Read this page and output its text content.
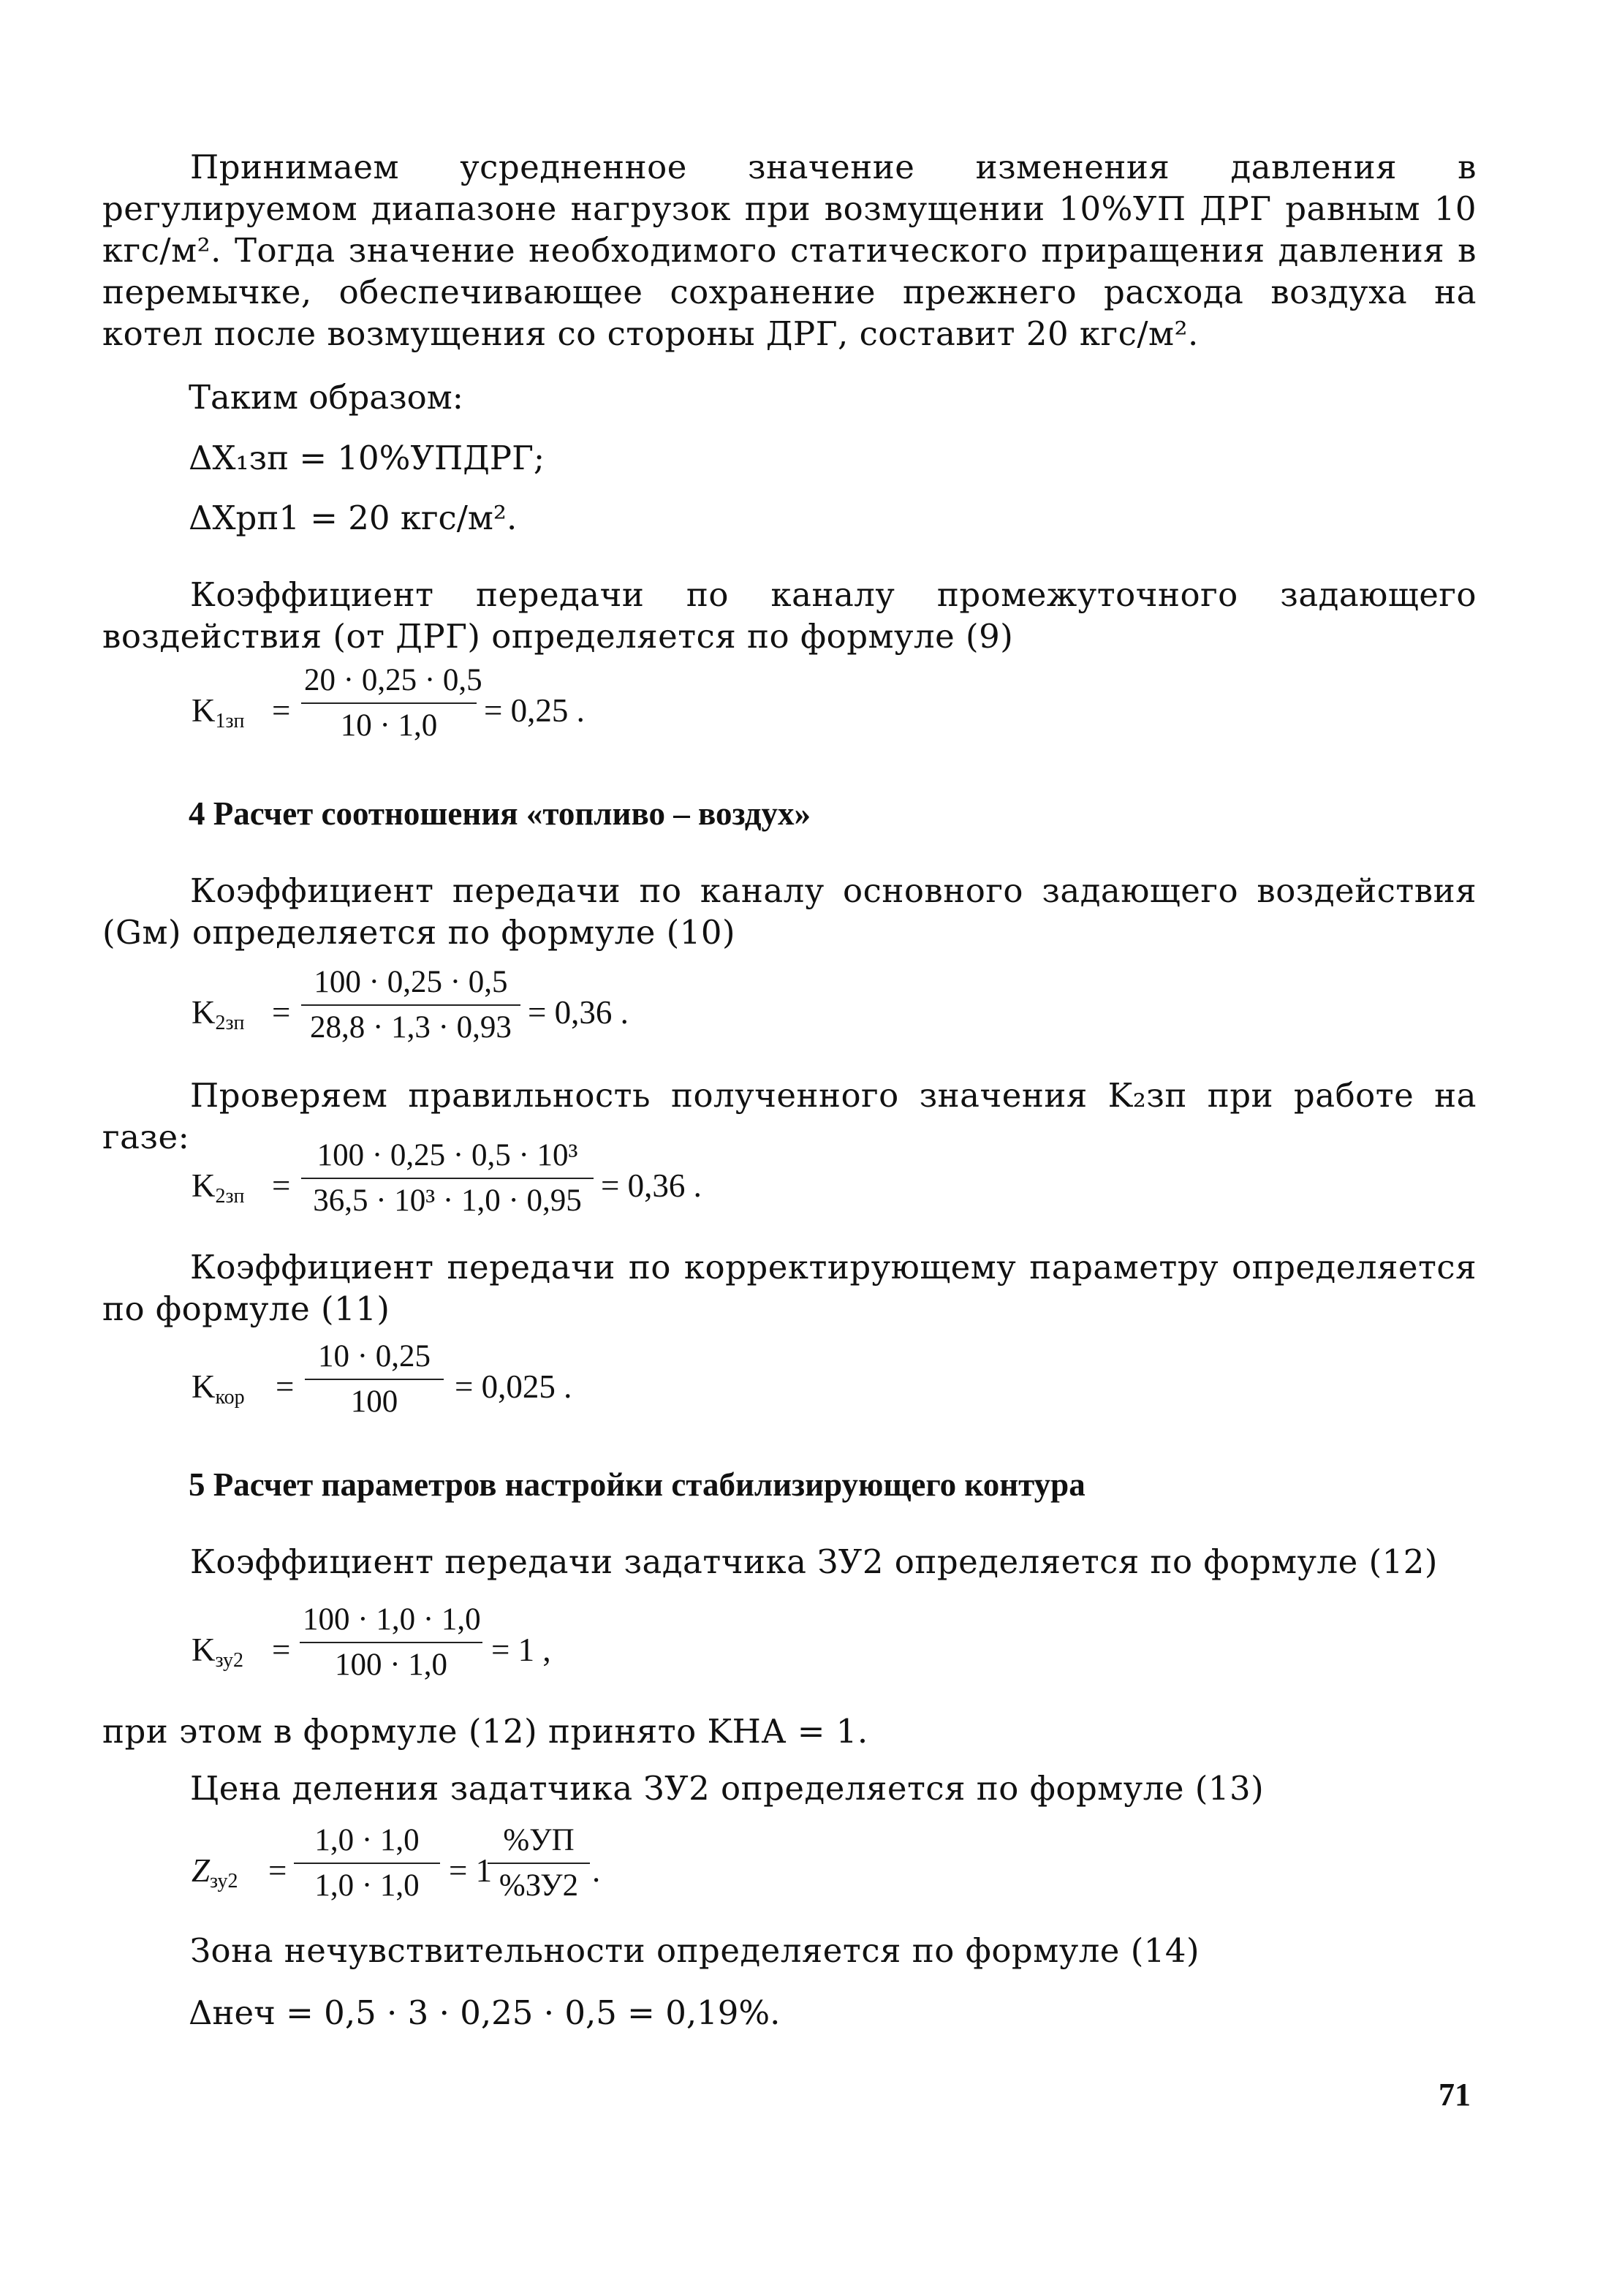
Принимаем усредненное значение изменения давления в регулируемом диапазоне нагрузок при возмущении 10%УП ДРГ равным 10 кгс/м². Тогда значение необходимого статического приращения давления в перемычке, обеспечивающее сохранение прежнего расхода воздуха на котел после возмущения со стороны ДРГ, составит 20 кгс/м².
Таким образом:
ΔX₁зп = 10%УПДРГ;
ΔXрп1 = 20 кгс/м².
Коэффициент передачи по каналу промежуточного задающего воздействия (от ДРГ) определяется по формуле (9)
$K_{1зп}$ =
20 · 0,25 · 0,5
10 · 1,0	= 0,25 .
4 Расчет соотношения «топливо – воздух»
Коэффициент передачи по каналу основного задающего воздействия (Gм) определяется по формуле (10)
$K_{2зп}$ =
100 · 0,25 · 0,5
28,8 · 1,3 · 0,93 = 0,36 .
Проверяем правильность полученного значения K₂зп при работе на газе:
$K_{2зп}$ =
100 · 0,25 · 0,5 · 10³
36,5 · 10³ · 1,0 · 0,95 = 0,36 .
Коэффициент передачи по корректирующему параметру определяется по формуле (11)
$K_{кор}$ =
10 · 0,25
100	= 0,025 .
5 Расчет параметров настройки стабилизирующего контура
Коэффициент передачи задатчика ЗУ2 определяется по формуле (12)
$K_{зу2}$ =
100 · 1,0 · 1,0
100 · 1,0	= 1 ,
при этом в формуле (12) принято KНА = 1.
Цена деления задатчика ЗУ2 определяется по формуле (13)
$Z_{зу2}$ =
1,0 · 1,0
1,0 · 1,0 = 1
%УП
%ЗУ2 .
Зона нечувствительности определяется по формуле (14)
Δнеч = 0,5 · 3 · 0,25 · 0,5 = 0,19%.
71
